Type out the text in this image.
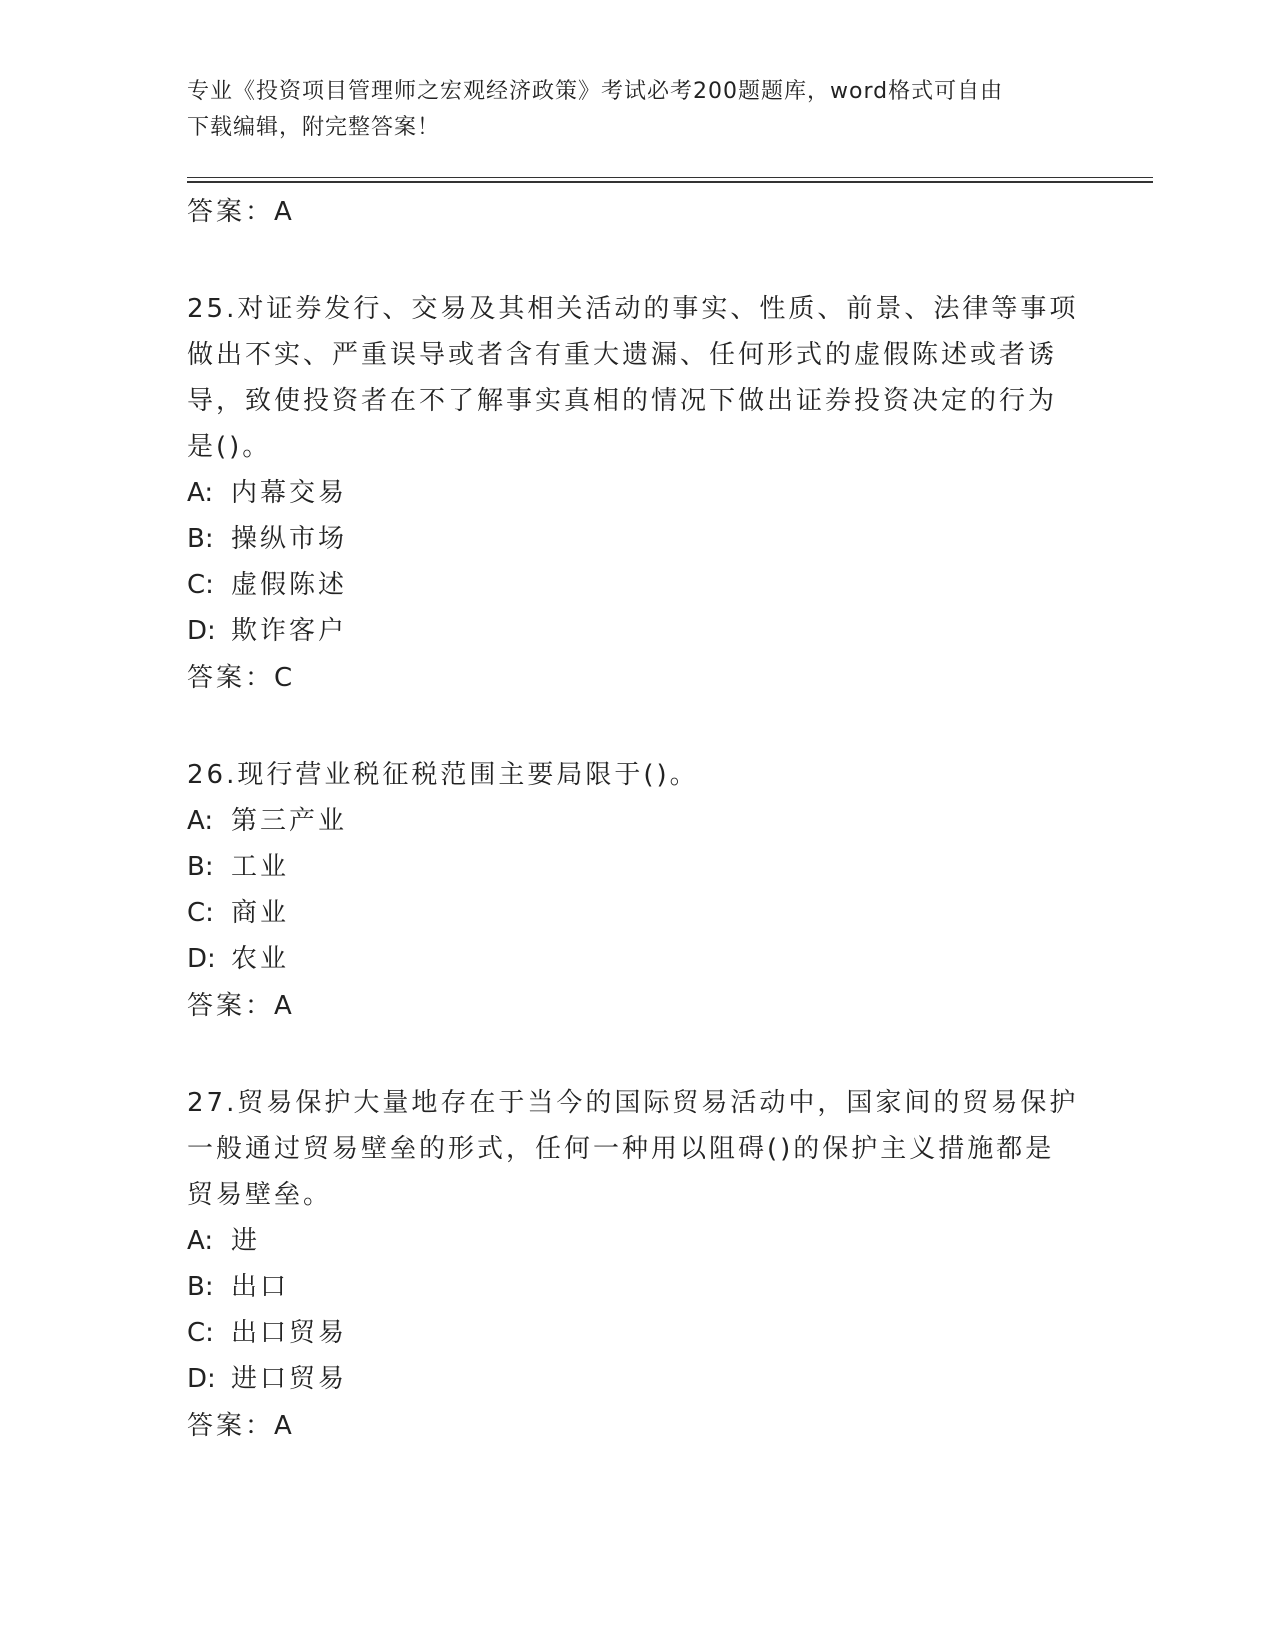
专业《投资项目管理师之宏观经济政策》考试必考200题题库，word格式可自由
下载编辑，附完整答案！
答案：A
25.对证券发行、交易及其相关活动的事实、性质、前景、法律等事项
做出不实、严重误导或者含有重大遗漏、任何形式的虚假陈述或者诱
导，致使投资者在不了解事实真相的情况下做出证券投资决定的行为
是()。
A: 内幕交易
B: 操纵市场
C: 虚假陈述
D: 欺诈客户
答案：C
26.现行营业税征税范围主要局限于()。
A: 第三产业
B: 工业
C: 商业
D: 农业
答案：A
27.贸易保护大量地存在于当今的国际贸易活动中，国家间的贸易保护
一般通过贸易壁垒的形式，任何一种用以阻碍()的保护主义措施都是
贸易壁垒。
A: 进
B: 出口
C: 出口贸易
D: 进口贸易
答案：A
